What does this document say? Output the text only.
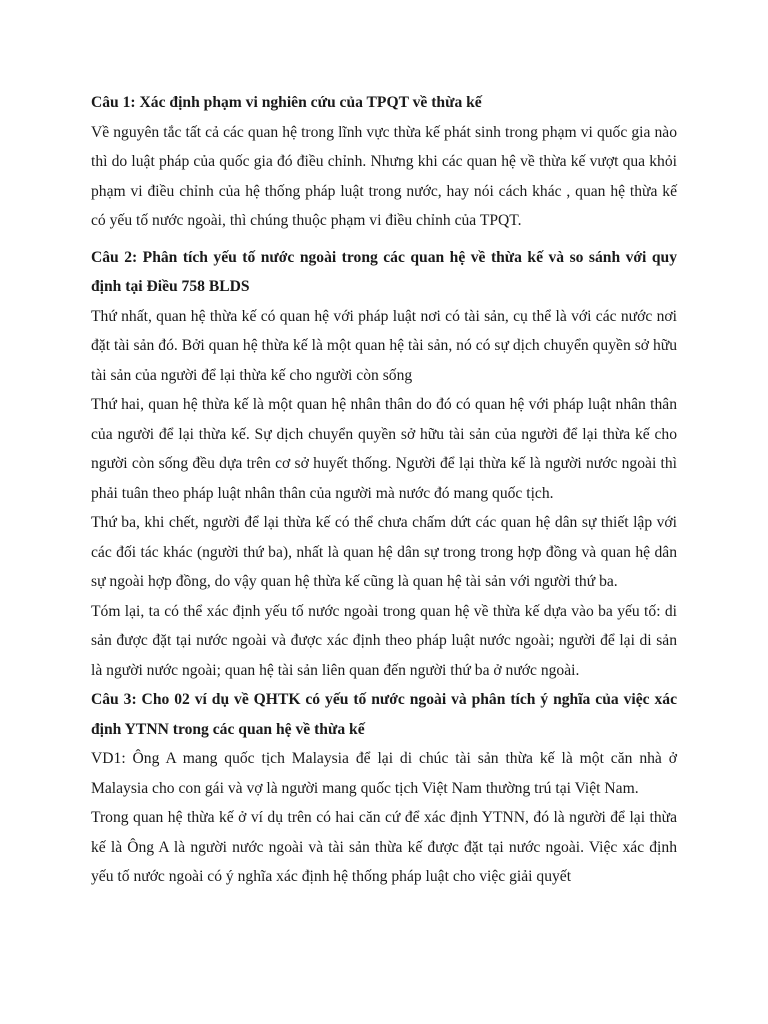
Câu 1: Xác định phạm vi nghiên cứu của TPQT về thừa kế

Về nguyên tắc tất cả các quan hệ trong lĩnh vực thừa kế phát sinh trong phạm vi quốc gia nào thì do luật pháp của quốc gia đó điều chỉnh. Nhưng khi các quan hệ về thừa kế vượt qua khỏi phạm vi điều chỉnh của hệ thống pháp luật trong nước, hay nói cách khác , quan hệ thừa kế có yếu tố nước ngoài, thì chúng thuộc phạm vi điều chỉnh của TPQT.

Câu 2: Phân tích yếu tố nước ngoài trong các quan hệ về thừa kế và so sánh với quy định tại Điều 758 BLDS

Thứ nhất, quan hệ thừa kế có quan hệ với pháp luật nơi có tài sản, cụ thể là với các nước nơi đặt tài sản đó. Bởi quan hệ thừa kế là một quan hệ tài sản, nó có sự dịch chuyển quyền sở hữu tài sản của người để lại thừa kế cho người còn sống

Thứ hai, quan hệ thừa kế là một quan hệ nhân thân do đó có quan hệ với pháp luật nhân thân của người để lại thừa kế. Sự dịch chuyển quyền sở hữu tài sản của người để lại thừa kế cho người còn sống đều dựa trên cơ sở huyết thống. Người để lại thừa kế là người nước ngoài thì phải tuân theo pháp luật nhân thân của người mà nước đó mang quốc tịch.

Thứ ba, khi chết, người để lại thừa kế có thể chưa chấm dứt các quan hệ dân sự thiết lập với các đối tác khác (người thứ ba), nhất là quan hệ dân sự trong trong hợp đồng và quan hệ dân sự ngoài hợp đồng, do vậy quan hệ thừa kế cũng là quan hệ tài sản với người thứ ba.

Tóm lại, ta có thể xác định yếu tố nước ngoài trong quan hệ về thừa kế dựa vào ba yếu tố: di sản được đặt tại nước ngoài và được xác định theo pháp luật nước ngoài; người để lại di sản là người nước ngoài; quan hệ tài sản liên quan đến người thứ ba ở nước ngoài.

Câu 3: Cho 02 ví dụ về QHTK có yếu tố nước ngoài và phân tích ý nghĩa của việc xác định YTNN trong các quan hệ về thừa kế

VD1: Ông A mang quốc tịch Malaysia để lại di chúc tài sản thừa kế là một căn nhà ở Malaysia cho con gái và vợ là người mang quốc tịch Việt Nam thường trú tại Việt Nam.

Trong quan hệ thừa kế ở ví dụ trên có hai căn cứ để xác định YTNN, đó là người để lại thừa kế là Ông A là người nước ngoài và tài sản thừa kế được đặt tại nước ngoài. Việc xác định yếu tố nước ngoài có ý nghĩa xác định hệ thống pháp luật cho việc giải quyết
